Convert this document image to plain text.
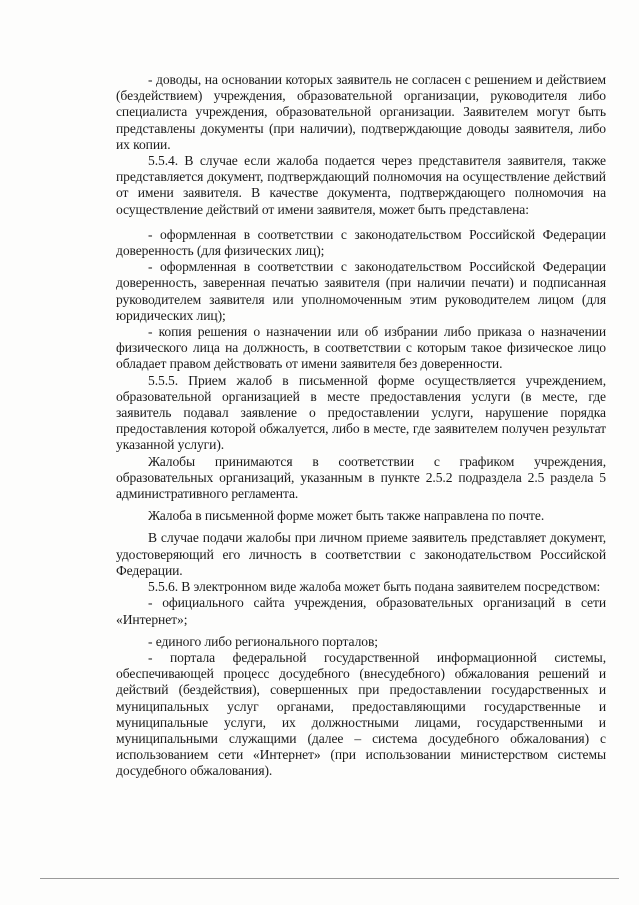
- доводы, на основании которых заявитель не согласен с решением и действием (бездействием) учреждения, образовательной организации, руководителя либо специалиста учреждения, образовательной организации. Заявителем могут быть представлены документы (при наличии), подтверждающие доводы заявителя, либо их копии.

5.5.4. В случае если жалоба подается через представителя заявителя, также представляется документ, подтверждающий полномочия на осуществление действий от имени заявителя. В качестве документа, подтверждающего полномочия на осуществление действий от имени заявителя, может быть представлена:

- оформленная в соответствии с законодательством Российской Федерации доверенность (для физических лиц);

- оформленная в соответствии с законодательством Российской Федерации доверенность, заверенная печатью заявителя (при наличии печати) и подписанная руководителем заявителя или уполномоченным этим руководителем лицом (для юридических лиц);

- копия решения о назначении или об избрании либо приказа о назначении физического лица на должность, в соответствии с которым такое физическое лицо обладает правом действовать от имени заявителя без доверенности.

5.5.5. Прием жалоб в письменной форме осуществляется учреждением, образовательной организацией в месте предоставления услуги (в месте, где заявитель подавал заявление о предоставлении услуги, нарушение порядка предоставления которой обжалуется, либо в месте, где заявителем получен результат указанной услуги).

Жалобы принимаются в соответствии с графиком учреждения, образовательных организаций, указанным в пункте 2.5.2 подраздела 2.5 раздела 5 административного регламента.

Жалоба в письменной форме может быть также направлена по почте.

В случае подачи жалобы при личном приеме заявитель представляет документ, удостоверяющий его личность в соответствии с законодательством Российской Федерации.

5.5.6. В электронном виде жалоба может быть подана заявителем посредством:

- официального сайта учреждения, образовательных организаций в сети «Интернет»;

- единого либо регионального порталов;

- портала федеральной государственной информационной системы, обеспечивающей процесс досудебного (внесудебного) обжалования решений и действий (бездействия), совершенных при предоставлении государственных и муниципальных услуг органами, предоставляющими государственные и муниципальные услуги, их должностными лицами, государственными и муниципальными служащими (далее – система досудебного обжалования) с использованием сети «Интернет» (при использовании министерством системы досудебного обжалования).
